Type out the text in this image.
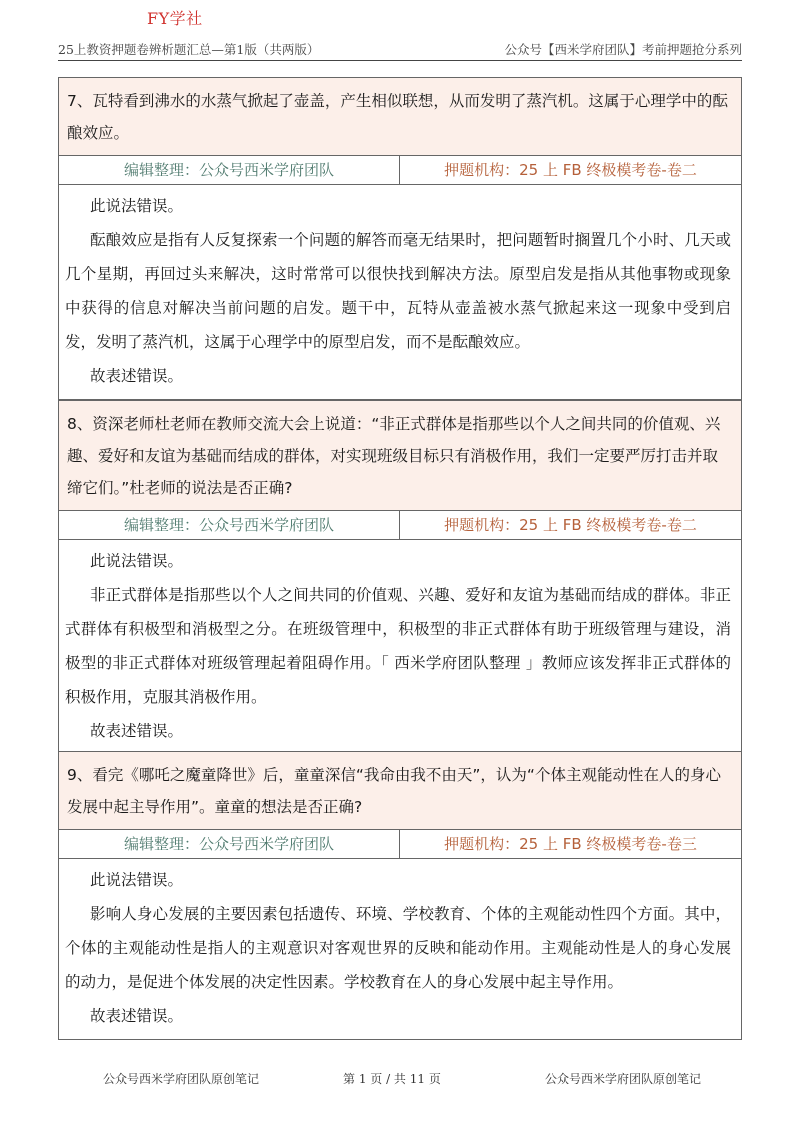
FY学社
25上教资押题卷辨析题汇总—第1版（共两版）	公众号【西米学府团队】考前押题抢分系列
7、瓦特看到沸水的水蒸气掀起了壶盖，产生相似联想，从而发明了蒸汽机。这属于心理学中的酝酿效应。
编辑整理：公众号西米学府团队	押题机构：25 上 FB 终极模考卷-卷二

此说法错误。

酝酿效应是指有人反复探索一个问题的解答而毫无结果时，把问题暂时搁置几个小时、几天或几个星期，再回过头来解决，这时常常可以很快找到解决方法。原型启发是指从其他事物或现象中获得的信息对解决当前问题的启发。题干中，瓦特从壶盖被水蒸气掀起来这一现象中受到启发，发明了蒸汽机，这属于心理学中的原型启发，而不是酝酿效应。

故表述错误。

8、资深老师杜老师在教师交流大会上说道：“非正式群体是指那些以个人之间共同的价值观、兴趣、爱好和友谊为基础而结成的群体，对实现班级目标只有消极作用，我们一定要严厉打击并取缔它们。”杜老师的说法是否正确?
编辑整理：公众号西米学府团队	押题机构：25 上 FB 终极模考卷-卷二

此说法错误。

非正式群体是指那些以个人之间共同的价值观、兴趣、爱好和友谊为基础而结成的群体。非正式群体有积极型和消极型之分。在班级管理中，积极型的非正式群体有助于班级管理与建设，消极型的非正式群体对班级管理起着阻碍作用。「 西米学府团队整理 」教师应该发挥非正式群体的积极作用，克服其消极作用。

故表述错误。

9、看完《哪吒之魔童降世》后，童童深信“我命由我不由天”，认为“个体主观能动性在人的身心发展中起主导作用”。童童的想法是否正确?
编辑整理：公众号西米学府团队	押题机构：25 上 FB 终极模考卷-卷三

此说法错误。

影响人身心发展的主要因素包括遗传、环境、学校教育、个体的主观能动性四个方面。其中，个体的主观能动性是指人的主观意识对客观世界的反映和能动作用。主观能动性是人的身心发展的动力，是促进个体发展的决定性因素。学校教育在人的身心发展中起主导作用。

故表述错误。

公众号西米学府团队原创笔记	第 1 页 / 共 11 页	公众号西米学府团队原创笔记
